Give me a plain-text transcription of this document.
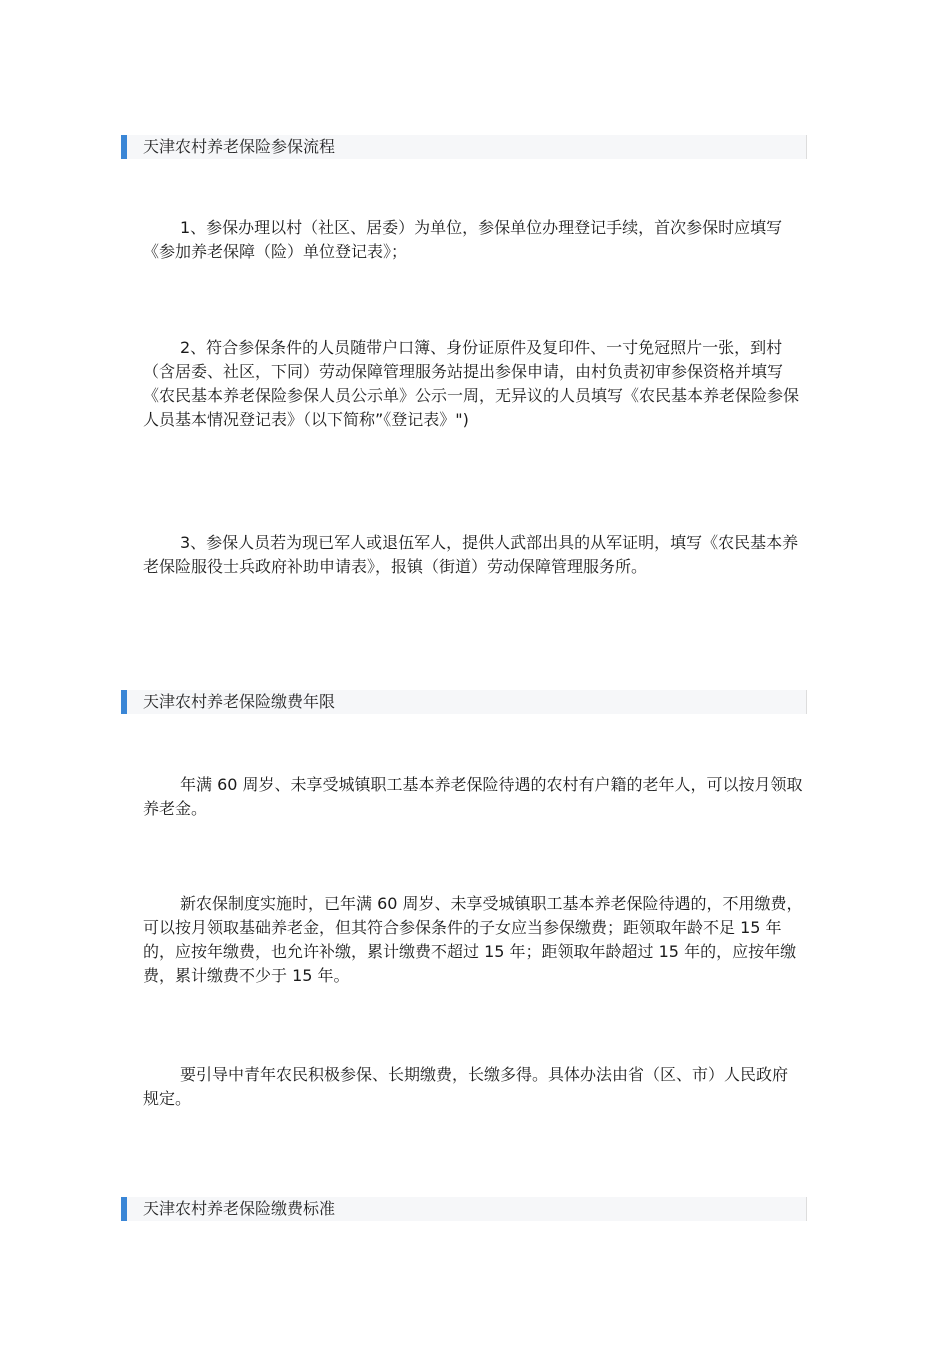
天津农村养老保险参保流程

1、参保办理以村（社区、居委）为单位，参保单位办理登记手续，首次参保时应填写《参加养老保障（险）单位登记表》；

2、符合参保条件的人员随带户口簿、身份证原件及复印件、一寸免冠照片一张，到村（含居委、社区，下同）劳动保障管理服务站提出参保申请，由村负责初审参保资格并填写《农民基本养老保险参保人员公示单》公示一周，无异议的人员填写《农民基本养老保险参保人员基本情况登记表》（以下简称”《登记表》")

3、参保人员若为现已军人或退伍军人，提供人武部出具的从军证明，填写《农民基本养老保险服役士兵政府补助申请表》，报镇（街道）劳动保障管理服务所。

天津农村养老保险缴费年限

年满 60 周岁、未享受城镇职工基本养老保险待遇的农村有户籍的老年人，可以按月领取养老金。

新农保制度实施时，已年满 60 周岁、未享受城镇职工基本养老保险待遇的，不用缴费，可以按月领取基础养老金，但其符合参保条件的子女应当参保缴费；距领取年龄不足 15 年的，应按年缴费，也允许补缴，累计缴费不超过 15 年；距领取年龄超过 15 年的，应按年缴费，累计缴费不少于 15 年。

要引导中青年农民积极参保、长期缴费，长缴多得。具体办法由省（区、市）人民政府规定。

天津农村养老保险缴费标准
